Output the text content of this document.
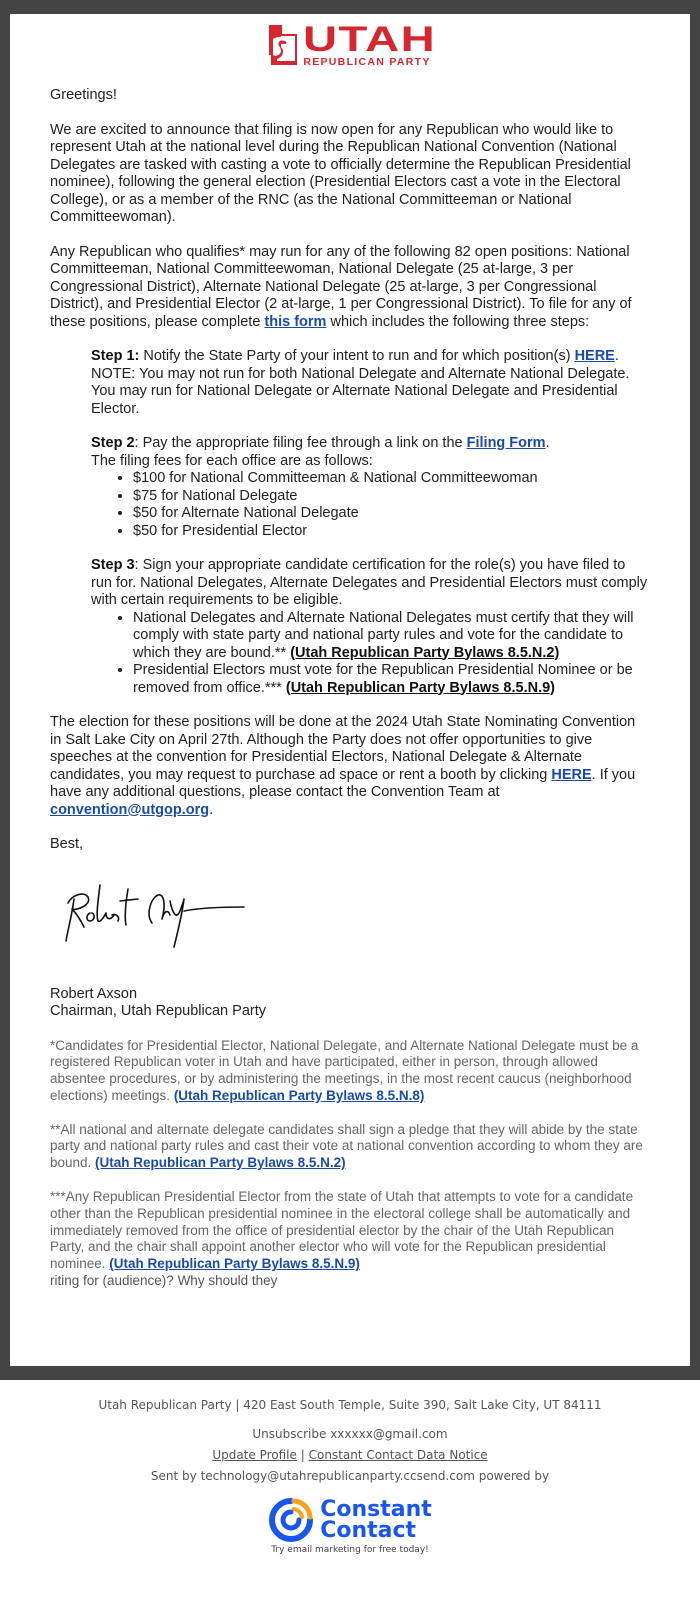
UTAH
REPUBLICAN PARTY

Greetings!

We are excited to announce that filing is now open for any Republican who would like to represent Utah at the national level during the Republican National Convention (National Delegates are tasked with casting a vote to officially determine the Republican Presidential nominee), following the general election (Presidential Electors cast a vote in the Electoral College), or as a member of the RNC (as the National Committeeman or National Committeewoman).

Any Republican who qualifies* may run for any of the following 82 open positions: National Committeeman, National Committeewoman, National Delegate (25 at-large, 3 per Congressional District), Alternate National Delegate (25 at-large, 3 per Congressional District), and Presidential Elector (2 at-large, 1 per Congressional District). To file for any of these positions, please complete this form which includes the following three steps:

Step 1: Notify the State Party of your intent to run and for which position(s) HERE. NOTE: You may not run for both National Delegate and Alternate National Delegate. You may run for National Delegate or Alternate National Delegate and Presidential Elector.
Step 2: Pay the appropriate filing fee through a link on the Filing Form.
The filing fees for each office are as follows:
• $100 for National Committeeman & National Committeewoman
• $75 for National Delegate
• $50 for Alternate National Delegate
• $50 for Presidential Elector
Step 3: Sign your appropriate candidate certification for the role(s) you have filed to run for. National Delegates, Alternate Delegates and Presidential Electors must comply with certain requirements to be eligible.
• National Delegates and Alternate National Delegates must certify that they will comply with state party and national party rules and vote for the candidate to which they are bound.** (Utah Republican Party Bylaws 8.5.N.2)
• Presidential Electors must vote for the Republican Presidential Nominee or be removed from office.*** (Utah Republican Party Bylaws 8.5.N.9)

The election for these positions will be done at the 2024 Utah State Nominating Convention in Salt Lake City on April 27th. Although the Party does not offer opportunities to give speeches at the convention for Presidential Electors, National Delegate & Alternate candidates, you may request to purchase ad space or rent a booth by clicking HERE. If you have any additional questions, please contact the Convention Team at convention@utgop.org.

Best,

Robert Axson

Chairman, Utah Republican Party

*Candidates for Presidential Elector, National Delegate, and Alternate National Delegate must be a registered Republican voter in Utah and have participated, either in person, through allowed absentee procedures, or by administering the meetings, in the most recent caucus (neighborhood elections) meetings. (Utah Republican Party Bylaws 8.5.N.8)

**All national and alternate delegate candidates shall sign a pledge that they will abide by the state party and national party rules and cast their vote at national convention according to whom they are bound. (Utah Republican Party Bylaws 8.5.N.2)

***Any Republican Presidential Elector from the state of Utah that attempts to vote for a candidate other than the Republican presidential nominee in the electoral college shall be automatically and immediately removed from the office of presidential elector by the chair of the Utah Republican Party, and the chair shall appoint another elector who will vote for the Republican presidential nominee. (Utah Republican Party Bylaws 8.5.N.9)

riting for (audience)? Why should they

Utah Republican Party | 420 East South Temple, Suite 390, Salt Lake City, UT 84111

Unsubscribe xxxxxx@gmail.com

Update Profile | Constant Contact Data Notice

Sent by technology@utahrepublicanparty.ccsend.com powered by

Constant
Contact
Try email marketing for free today!
